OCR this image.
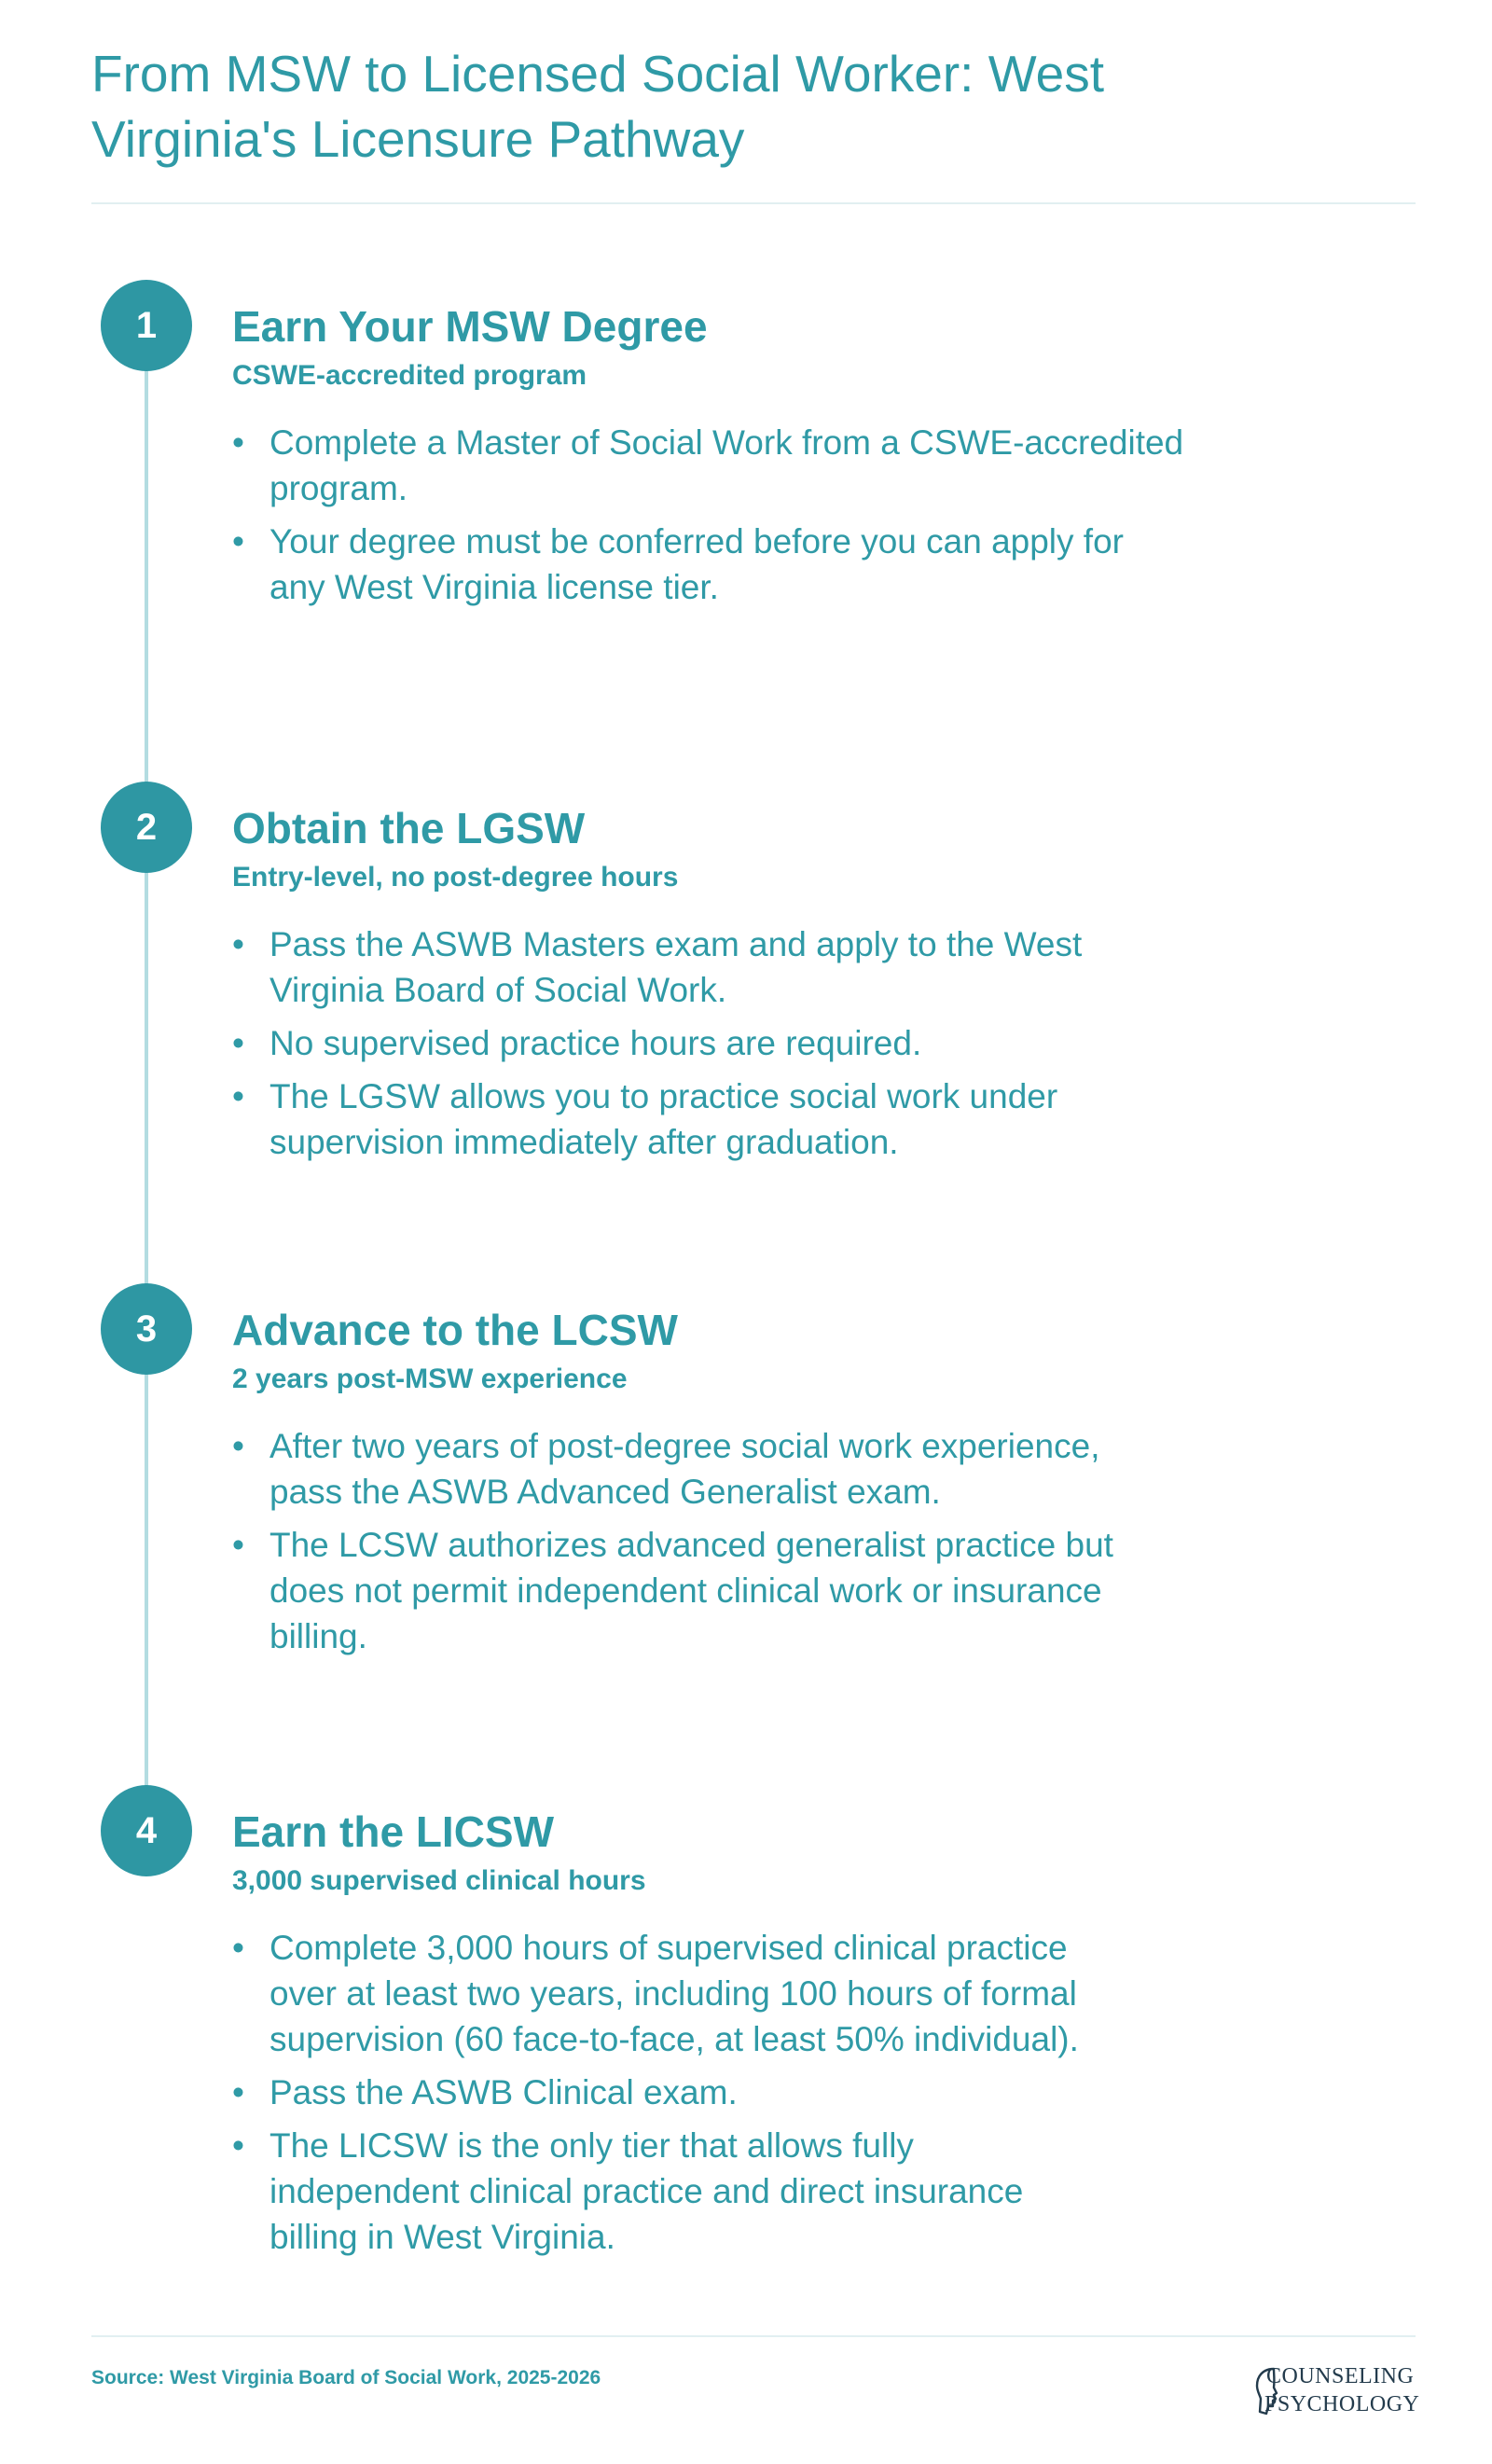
From MSW to Licensed Social Worker: West
Virginia's Licensure Pathway
1	Earn Your MSW Degree
CSWE-accredited program
• Complete a Master of Social Work from a CSWE-accredited
program.
• Your degree must be conferred before you can apply for
any West Virginia license tier.
2	Obtain the LGSW
Entry-level, no post-degree hours
• Pass the ASWB Masters exam and apply to the West
Virginia Board of Social Work.
• No supervised practice hours are required.
• The LGSW allows you to practice social work under
supervision immediately after graduation.
3	Advance to the LCSW
2 years post-MSW experience
• After two years of post-degree social work experience,
pass the ASWB Advanced Generalist exam.
• The LCSW authorizes advanced generalist practice but
does not permit independent clinical work or insurance
billing.
4	Earn the LICSW
3,000 supervised clinical hours
• Complete 3,000 hours of supervised clinical practice
over at least two years, including 100 hours of formal
supervision (60 face-to-face, at least 50% individual).
• Pass the ASWB Clinical exam.
• The LICSW is the only tier that allows fully
independent clinical practice and direct insurance
billing in West Virginia.
Source: West Virginia Board of Social Work, 2025-2026	COUNSELING
PSYCHOLOGY
